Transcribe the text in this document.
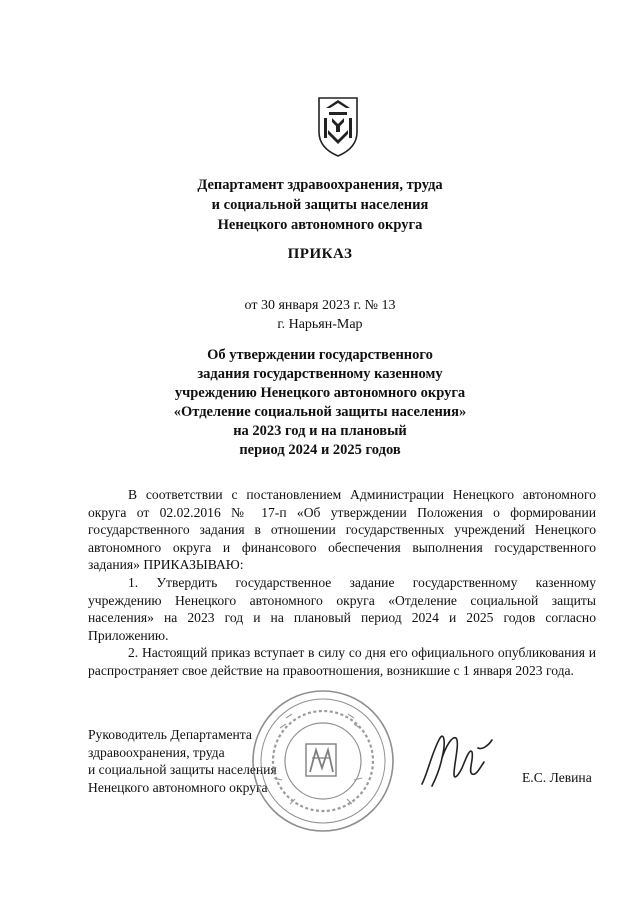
Департамент здравоохранения, труда
и социальной защиты населения
Ненецкого автономного округа
ПРИКАЗ
от 30 января 2023 г. № 13
г. Нарьян-Мар
Об утверждении государственного
задания государственному казенному
учреждению Ненецкого автономного округа
«Отделение социальной защиты населения»
на 2023 год и на плановый
период 2024 и 2025 годов

В соответствии с постановлением Администрации Ненецкого автономного округа от 02.02.2016 № 17-п «Об утверждении Положения о формировании государственного задания в отношении государственных учреждений Ненецкого автономного округа и финансового обеспечения выполнения государственного задания» ПРИКАЗЫВАЮ:

1. Утвердить государственное задание государственному казенному учреждению Ненецкого автономного округа «Отделение социальной защиты населения» на 2023 год и на плановый период 2024 и 2025 годов согласно Приложению.

2. Настоящий приказ вступает в силу со дня его официального опубликования и распространяет свое действие на правоотношения, возникшие с 1 января 2023 года.

Руководитель Департамента
здравоохранения, труда
и социальной защиты населения
Ненецкого автономного округа
Е.С. Левина
